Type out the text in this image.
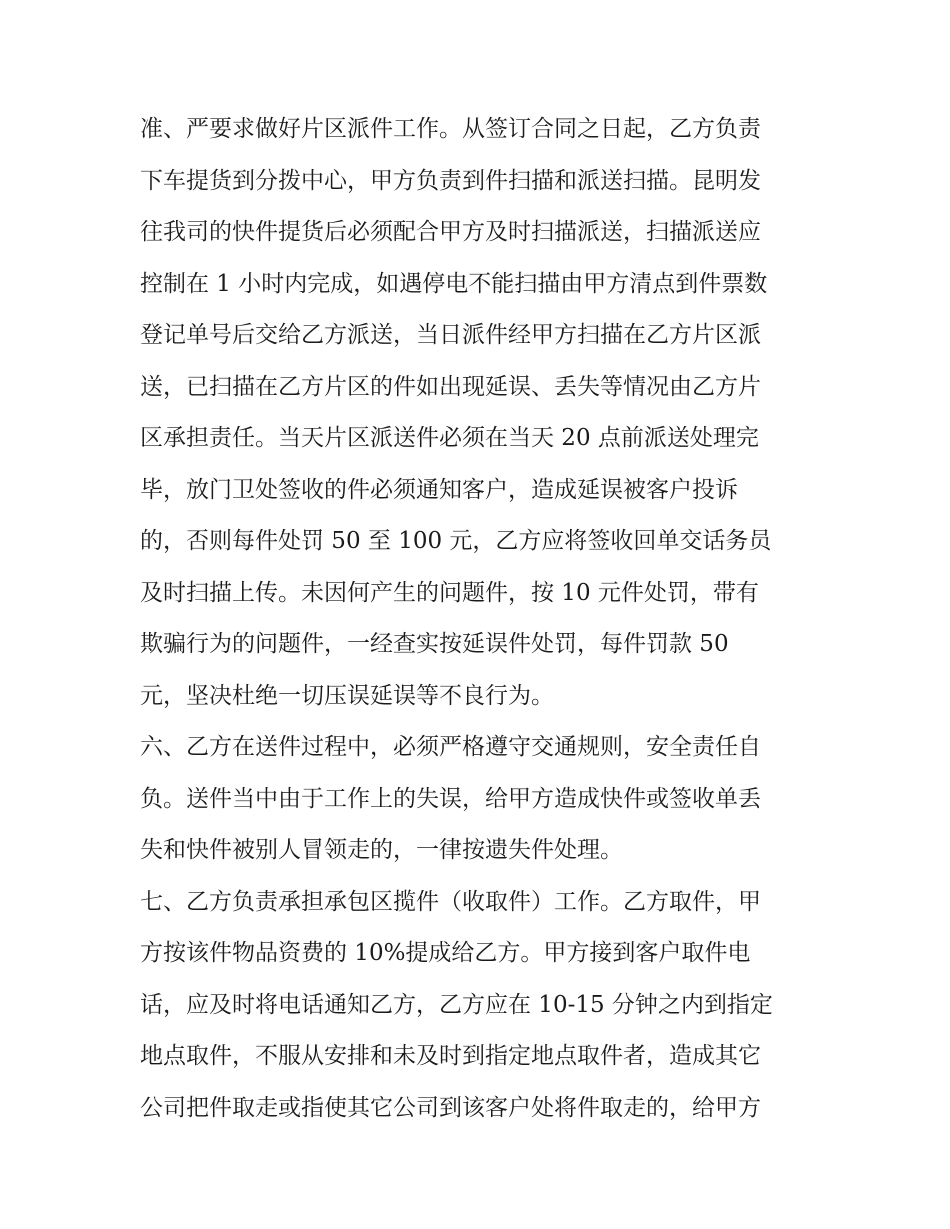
准、严要求做好片区派件工作。从签订合同之日起，乙方负责
下车提货到分拨中心，甲方负责到件扫描和派送扫描。昆明发
往我司的快件提货后必须配合甲方及时扫描派送，扫描派送应
控制在 1 小时内完成，如遇停电不能扫描由甲方清点到件票数
登记单号后交给乙方派送，当日派件经甲方扫描在乙方片区派
送，已扫描在乙方片区的件如出现延误、丢失等情况由乙方片
区承担责任。当天片区派送件必须在当天 20 点前派送处理完
毕，放门卫处签收的件必须通知客户，造成延误被客户投诉
的，否则每件处罚 50 至 100 元，乙方应将签收回单交话务员
及时扫描上传。未因何产生的问题件，按 10 元件处罚，带有
欺骗行为的问题件，一经查实按延误件处罚，每件罚款 50
元，坚决杜绝一切压误延误等不良行为。
六、乙方在送件过程中，必须严格遵守交通规则，安全责任自
负。送件当中由于工作上的失误，给甲方造成快件或签收单丢
失和快件被别人冒领走的，一律按遗失件处理。
七、乙方负责承担承包区揽件（收取件）工作。乙方取件，甲
方按该件物品资费的 10%提成给乙方。甲方接到客户取件电
话，应及时将电话通知乙方，乙方应在 10-15 分钟之内到指定
地点取件，不服从安排和未及时到指定地点取件者，造成其它
公司把件取走或指使其它公司到该客户处将件取走的，给甲方
